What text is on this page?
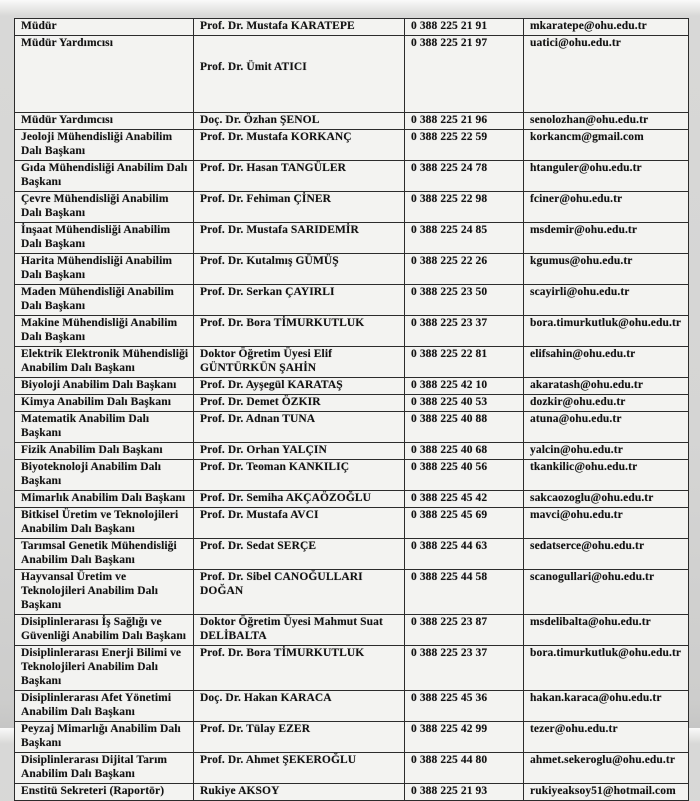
Müdür	Prof. Dr. Mustafa KARATEPE	0 388 225 21 91	mkaratepe@ohu.edu.tr
Müdür Yardımcısı	Prof. Dr. Ümit ATICI	0 388 225 21 97	uatici@ohu.edu.tr
Müdür Yardımcısı	Doç. Dr. Özhan ŞENOL	0 388 225 21 96	senolozhan@ohu.edu.tr
Jeoloji Mühendisliği Anabilim Dalı Başkanı	Prof. Dr. Mustafa KORKANÇ	0 388 225 22 59	korkancm@gmail.com
Gıda Mühendisliği Anabilim Dalı Başkanı	Prof. Dr. Hasan TANGÜLER	0 388 225 24 78	htanguler@ohu.edu.tr
Çevre Mühendisliği Anabilim Dalı Başkanı	Prof. Dr. Fehiman ÇİNER	0 388 225 22 98	fciner@ohu.edu.tr
İnşaat Mühendisliği Anabilim Dalı Başkanı	Prof. Dr. Mustafa SARIDEMİR	0 388 225 24 85	msdemir@ohu.edu.tr
Harita Mühendisliği Anabilim Dalı Başkanı	Prof. Dr. Kutalmış GÜMÜŞ	0 388 225 22 26	kgumus@ohu.edu.tr
Maden Mühendisliği Anabilim Dalı Başkanı	Prof. Dr. Serkan ÇAYIRLI	0 388 225 23 50	scayirli@ohu.edu.tr
Makine Mühendisliği Anabilim Dalı Başkanı	Prof. Dr. Bora TİMURKUTLUK	0 388 225 23 37	bora.timurkutluk@ohu.edu.tr
Elektrik Elektronik Mühendisliği Anabilim Dalı Başkanı	Doktor Öğretim Üyesi Elif GÜNTÜRKÜN ŞAHİN	0 388 225 22 81	elifsahin@ohu.edu.tr
Biyoloji Anabilim Dalı Başkanı	Prof. Dr. Ayşegül KARATAŞ	0 388 225 42 10	akaratash@ohu.edu.tr
Kimya Anabilim Dalı Başkanı	Prof. Dr. Demet ÖZKIR	0 388 225 40 53	dozkir@ohu.edu.tr
Matematik Anabilim Dalı Başkanı	Prof. Dr. Adnan TUNA	0 388 225 40 88	atuna@ohu.edu.tr
Fizik Anabilim Dalı Başkanı	Prof. Dr. Orhan YALÇIN	0 388 225 40 68	yalcin@ohu.edu.tr
Biyoteknoloji Anabilim Dalı Başkanı	Prof. Dr. Teoman KANKILIÇ	0 388 225 40 56	tkankilic@ohu.edu.tr
Mimarlık Anabilim Dalı Başkanı	Prof. Dr. Semiha AKÇAÖZOĞLU	0 388 225 45 42	sakcaozoglu@ohu.edu.tr
Bitkisel Üretim ve Teknolojileri Anabilim Dalı Başkanı	Prof. Dr. Mustafa AVCI	0 388 225 45 69	mavci@ohu.edu.tr
Tarımsal Genetik Mühendisliği Anabilim Dalı Başkanı	Prof. Dr. Sedat SERÇE	0 388 225 44 63	sedatserce@ohu.edu.tr
Hayvansal Üretim ve Teknolojileri Anabilim Dalı Başkanı	Prof. Dr. Sibel CANOĞULLARI DOĞAN	0 388 225 44 58	scanogullari@ohu.edu.tr
Disiplinlerarası İş Sağlığı ve Güvenliği Anabilim Dalı Başkanı	Doktor Öğretim Üyesi Mahmut Suat DELİBALTA	0 388 225 23 87	msdelibalta@ohu.edu.tr
Disiplinlerarası Enerji Bilimi ve Teknolojileri Anabilim Dalı Başkanı	Prof. Dr. Bora TİMURKUTLUK	0 388 225 23 37	bora.timurkutluk@ohu.edu.tr
Disiplinlerarası Afet Yönetimi Anabilim Dalı Başkanı	Doç. Dr. Hakan KARACA	0 388 225 45 36	hakan.karaca@ohu.edu.tr
Peyzaj Mimarlığı Anabilim Dalı Başkanı	Prof. Dr. Tülay EZER	0 388 225 42 99	tezer@ohu.edu.tr
Disiplinlerarası Dijital Tarım Anabilim Dalı Başkanı	Prof. Dr. Ahmet ŞEKEROĞLU	0 388 225 44 80	ahmet.sekeroglu@ohu.edu.tr
Enstitü Sekreteri (Raportör)	Rukiye AKSOY	0 388 225 21 93	rukiyeaksoy51@hotmail.com
